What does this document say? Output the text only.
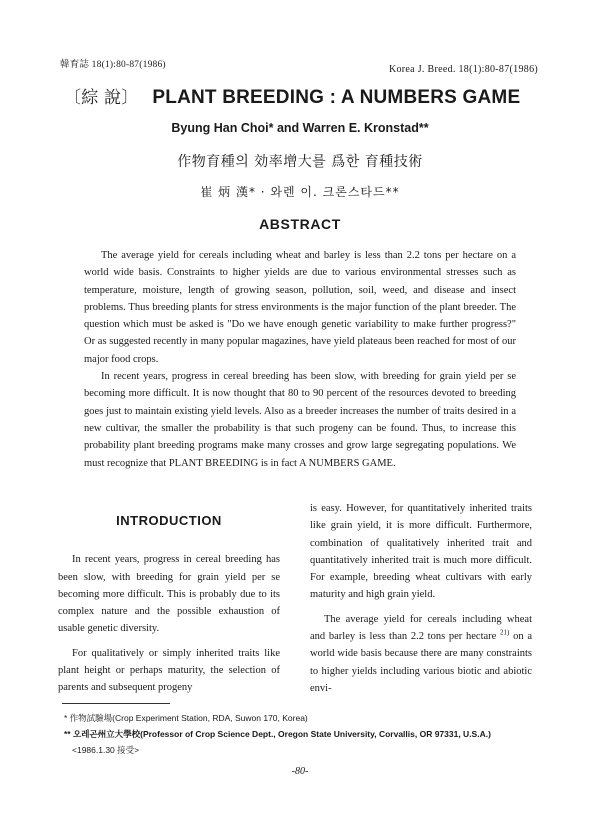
韓育誌 18(1):80-87(1986)	Korea J. Breed. 18(1):80-87(1986)
〔綜 說〕 PLANT BREEDING : A NUMBERS GAME
Byung Han Choi* and Warren E. Kronstad**
作物育種의 効率增大를 爲한 育種技術
崔 炳 漢* · 와렌 이. 크론스타드**
ABSTRACT

The average yield for cereals including wheat and barley is less than 2.2 tons per hectare on a world wide basis. Constraints to higher yields are due to various environmental stresses such as temperature, moisture, length of growing season, pollution, soil, weed, and disease and insect problems. Thus breeding plants for stress environments is the major function of the plant breeder. The question which must be asked is "Do we have enough genetic variability to make further progress?" Or as suggested recently in many popular magazines, have yield plateaus been reached for most of our major food crops.

In recent years, progress in cereal breeding has been slow, with breeding for grain yield per se becoming more difficult. It is now thought that 80 to 90 percent of the resources devoted to breeding goes just to maintain existing yield levels. Also as a breeder increases the number of traits desired in a new cultivar, the smaller the probability is that such progeny can be found. Thus, to increase this probability plant breeding programs make many crosses and grow large segregating populations. We must recognize that PLANT BREEDING is in fact A NUMBERS GAME.

INTRODUCTION

In recent years, progress in cereal breeding has been slow, with breeding for grain yield per se becoming more difficult. This is probably due to its complex nature and the possible exhaustion of usable genetic diversity.

For qualitatively or simply inherited traits like plant height or perhaps maturity, the selection of parents and subsequent progeny

is easy. However, for quantitatively inherited traits like grain yield, it is more difficult. Furthermore, combination of qualitatively inherited trait and quantitatively inherited trait is much more difficult. For example, breeding wheat cultivars with early maturity and high grain yield.

The average yield for cereals including wheat and barley is less than 2.2 tons per hectare $^{21)}$ on a world wide basis because there are many constraints to higher yields including various biotic and abiotic envi-

* 作物試驗場(Crop Experiment Station, RDA, Suwon 170, Korea)
** 오레곤州立大學校(Professor of Crop Science Dept., Oregon State University, Corvallis, OR 97331, U.S.A.)
<1986.1.30 接受>
-80-
